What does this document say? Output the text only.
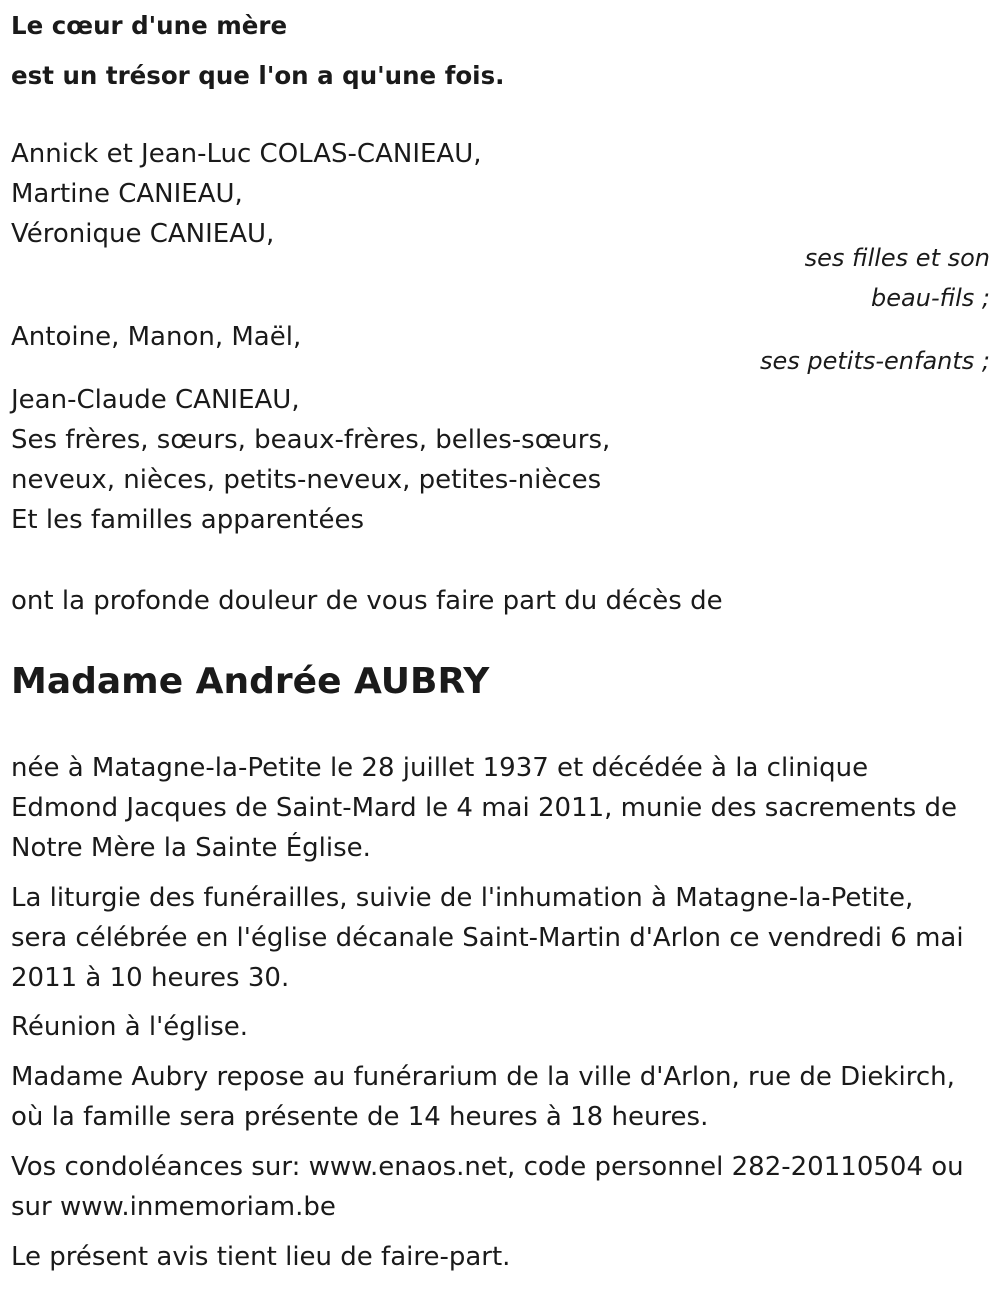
Le cœur d'une mère
est un trésor que l'on a qu'une fois.
Annick et Jean-Luc COLAS-CANIEAU,
Martine CANIEAU,
Véronique CANIEAU,
ses filles et son
beau-fils ;
Antoine, Manon, Maël,
ses petits-enfants ;
Jean-Claude CANIEAU,
Ses frères, sœurs, beaux-frères, belles-sœurs,
neveux, nièces, petits-neveux, petites-nièces
Et les familles apparentées
ont la profonde douleur de vous faire part du décès de
Madame Andrée AUBRY
née à Matagne-la-Petite le 28 juillet 1937 et décédée à la clinique
Edmond Jacques de Saint-Mard le 4 mai 2011, munie des sacrements de
Notre Mère la Sainte Église.
La liturgie des funérailles, suivie de l'inhumation à Matagne-la-Petite,
sera célébrée en l'église décanale Saint-Martin d'Arlon ce vendredi 6 mai
2011 à 10 heures 30.
Réunion à l'église.
Madame Aubry repose au funérarium de la ville d'Arlon, rue de Diekirch,
où la famille sera présente de 14 heures à 18 heures.
Vos condoléances sur: www.enaos.net, code personnel 282-20110504 ou
sur www.inmemoriam.be
Le présent avis tient lieu de faire-part.
